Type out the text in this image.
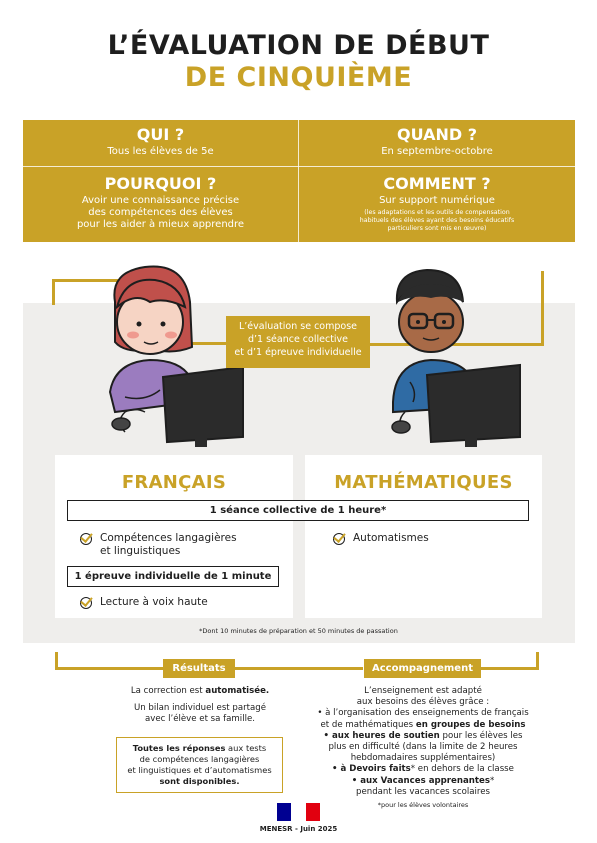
L’ÉVALUATION DE DÉBUT
DE CINQUIÈME
QUI ?
Tous les élèves de 5e
QUAND ?
En septembre-octobre
POURQUOI ?
Avoir une connaissance précise
des compétences des élèves
pour les aider à mieux apprendre
COMMENT ?
Sur support numérique
(les adaptations et les outils de compensation
habituels des élèves ayant des besoins éducatifs
particuliers sont mis en œuvre)
L’évaluation se compose
d’1 séance collective
et d’1 épreuve individuelle
FRANÇAIS	MATHÉMATIQUES
1 séance collective de 1 heure*
Compétences langagières
et linguistiques
1 épreuve individuelle de 1 minute
Lecture à voix haute
Automatismes
*Dont 10 minutes de préparation et 50 minutes de passation
Résultats
La correction est automatisée.
Un bilan individuel est partagé
avec l’élève et sa famille.
Toutes les réponses aux tests
de compétences langagières
et linguistiques et d’automatismes
sont disponibles.
Accompagnement
L’enseignement est adapté
aux besoins des élèves grâce :
• à l’organisation des enseignements de français
et de mathématiques en groupes de besoins
• aux heures de soutien pour les élèves les
plus en difficulté (dans la limite de 2 heures
hebdomadaires supplémentaires)
• à Devoirs faits* en dehors de la classe
• aux Vacances apprenantes*
pendant les vacances scolaires
*pour les élèves volontaires
MENESR - Juin 2025
